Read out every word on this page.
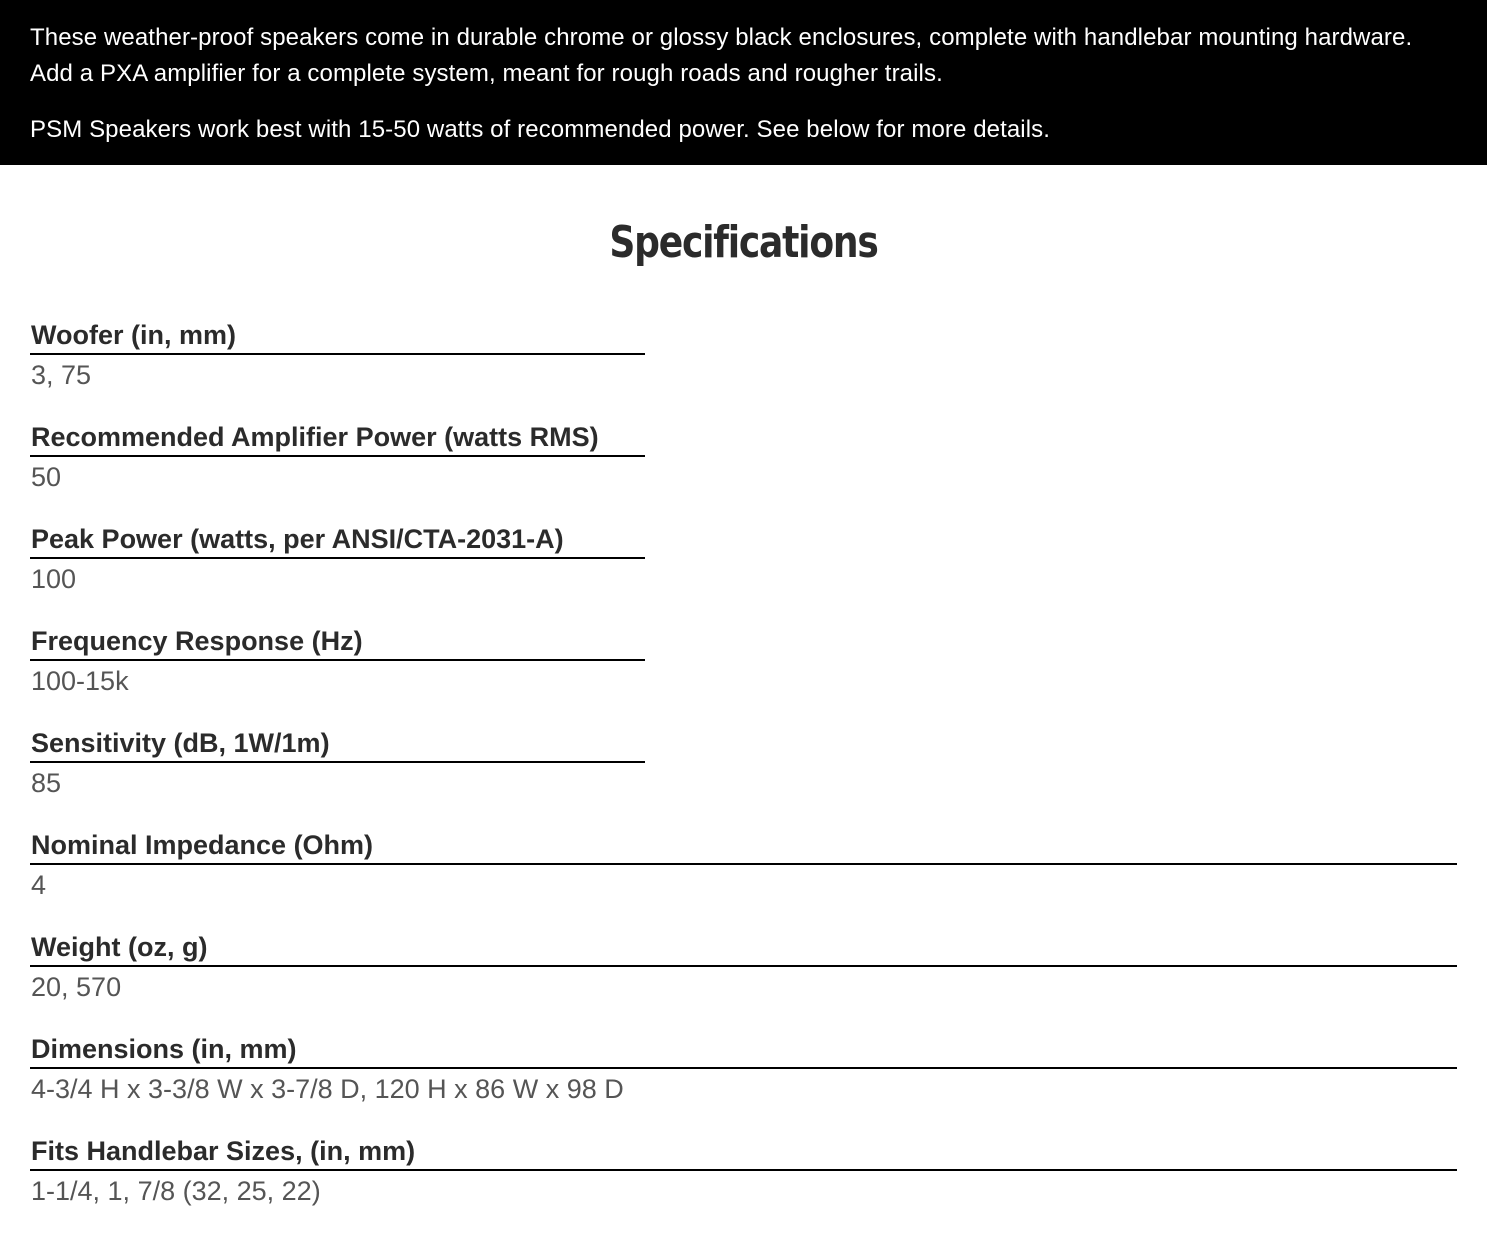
These weather-proof speakers come in durable chrome or glossy black enclosures, complete with handlebar mounting hardware. Add a PXA amplifier for a complete system, meant for rough roads and rougher trails.

PSM Speakers work best with 15-50 watts of recommended power. See below for more details.

Specifications
Woofer (in, mm)
3, 75
Recommended Amplifier Power (watts RMS)
50
Peak Power (watts, per ANSI/CTA-2031-A)
100
Frequency Response (Hz)
100-15k
Sensitivity (dB, 1W/1m)
85
Nominal Impedance (Ohm)
4
Weight (oz, g)
20, 570
Dimensions (in, mm)
4-3/4 H x 3-3/8 W x 3-7/8 D, 120 H x 86 W x 98 D
Fits Handlebar Sizes, (in, mm)
1-1/4, 1, 7/8 (32, 25, 22)
